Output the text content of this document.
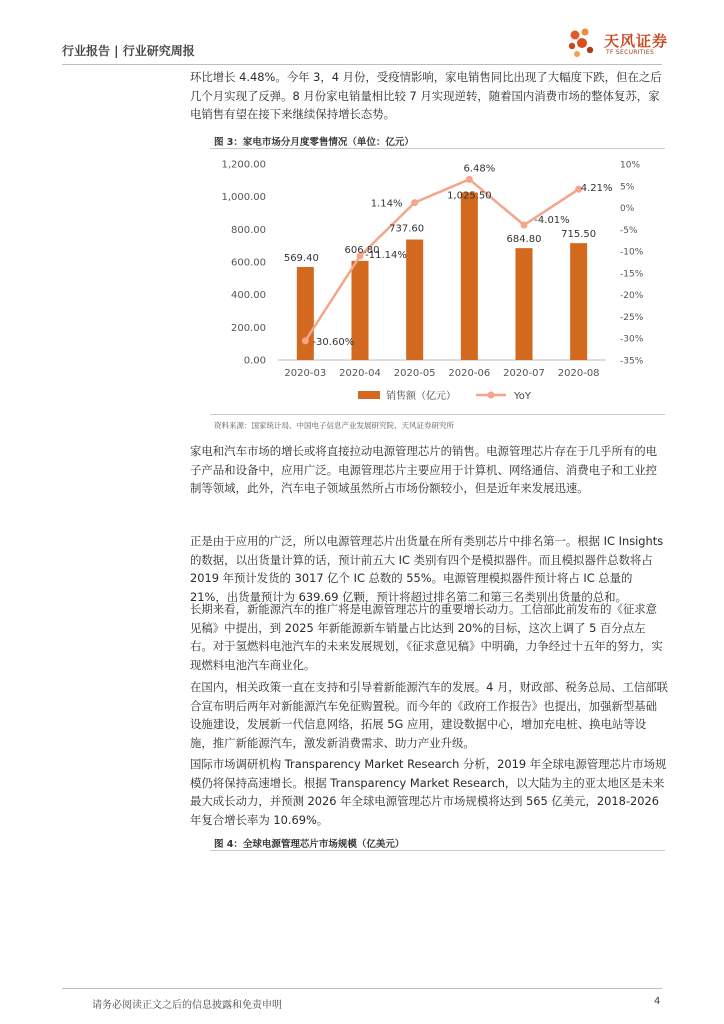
行业报告 | 行业研究周报
天风证券
TF SECURITIES

环比增长 4.48%。今年 3，4 月份，受疫情影响，家电销售同比出现了大幅度下跌，但在之后几个月实现了反弹。8 月份家电销量相比较 7 月实现逆转，随着国内消费市场的整体复苏，家电销售有望在接下来继续保持增长态势。

图 3：家电市场分月度零售情况（单位：亿元）
0.00
200.00
400.00
600.00
800.00
1,000.00
1,200.00
-35%
-30%
-25%
-20%
-15%
-10%
-5%
0%
5%
10%
2020-03 2020-04 2020-05 2020-06 2020-07 2020-08
569.40
606.80
737.60
1,025.50
684.80 715.50
-30.60%
-11.14%
1.14%
6.48%
-4.01%
4.21%
销售额（亿元）	YoY
资料来源：国家统计局、中国电子信息产业发展研究院、天风证券研究所

家电和汽车市场的增长或将直接拉动电源管理芯片的销售。电源管理芯片存在于几乎所有的电子产品和设备中，应用广泛。电源管理芯片主要应用于计算机、网络通信、消费电子和工业控制等领域，此外，汽车电子领域虽然所占市场份额较小，但是近年来发展迅速。

正是由于应用的广泛，所以电源管理芯片出货量在所有类别芯片中排名第一。根据 IC Insights 的数据，以出货量计算的话，预计前五大 IC 类别有四个是模拟器件。而且模拟器件总数将占 2019 年预计发货的 3017 亿个 IC 总数的 55%。电源管理模拟器件预计将占 IC 总量的 21%，出货量预计为 639.69 亿颗，预计将超过排名第二和第三名类别出货量的总和。

长期来看，新能源汽车的推广将是电源管理芯片的重要增长动力。工信部此前发布的《征求意见稿》中提出，到 2025 年新能源新车销量占比达到 20%的目标，这次上调了 5 百分点左右。对于氢燃料电池汽车的未来发展规划，《征求意见稿》中明确，力争经过十五年的努力，实现燃料电池汽车商业化。

在国内，相关政策一直在支持和引导着新能源汽车的发展。4 月，财政部、税务总局、工信部联合宣布明后两年对新能源汽车免征购置税。而今年的《政府工作报告》也提出，加强新型基础设施建设，发展新一代信息网络，拓展 5G 应用，建设数据中心，增加充电桩、换电站等设施，推广新能源汽车，激发新消费需求、助力产业升级。

国际市场调研机构 Transparency Market Research 分析，2019 年全球电源管理芯片市场规模仍将保持高速增长。根据 Transparency Market Research，以大陆为主的亚太地区是未来最大成长动力，并预测 2026 年全球电源管理芯片市场规模将达到 565 亿美元，2018-2026 年复合增长率为 10.69%。

图 4：全球电源管理芯片市场规模（亿美元）
请务必阅读正文之后的信息披露和免责申明	4
